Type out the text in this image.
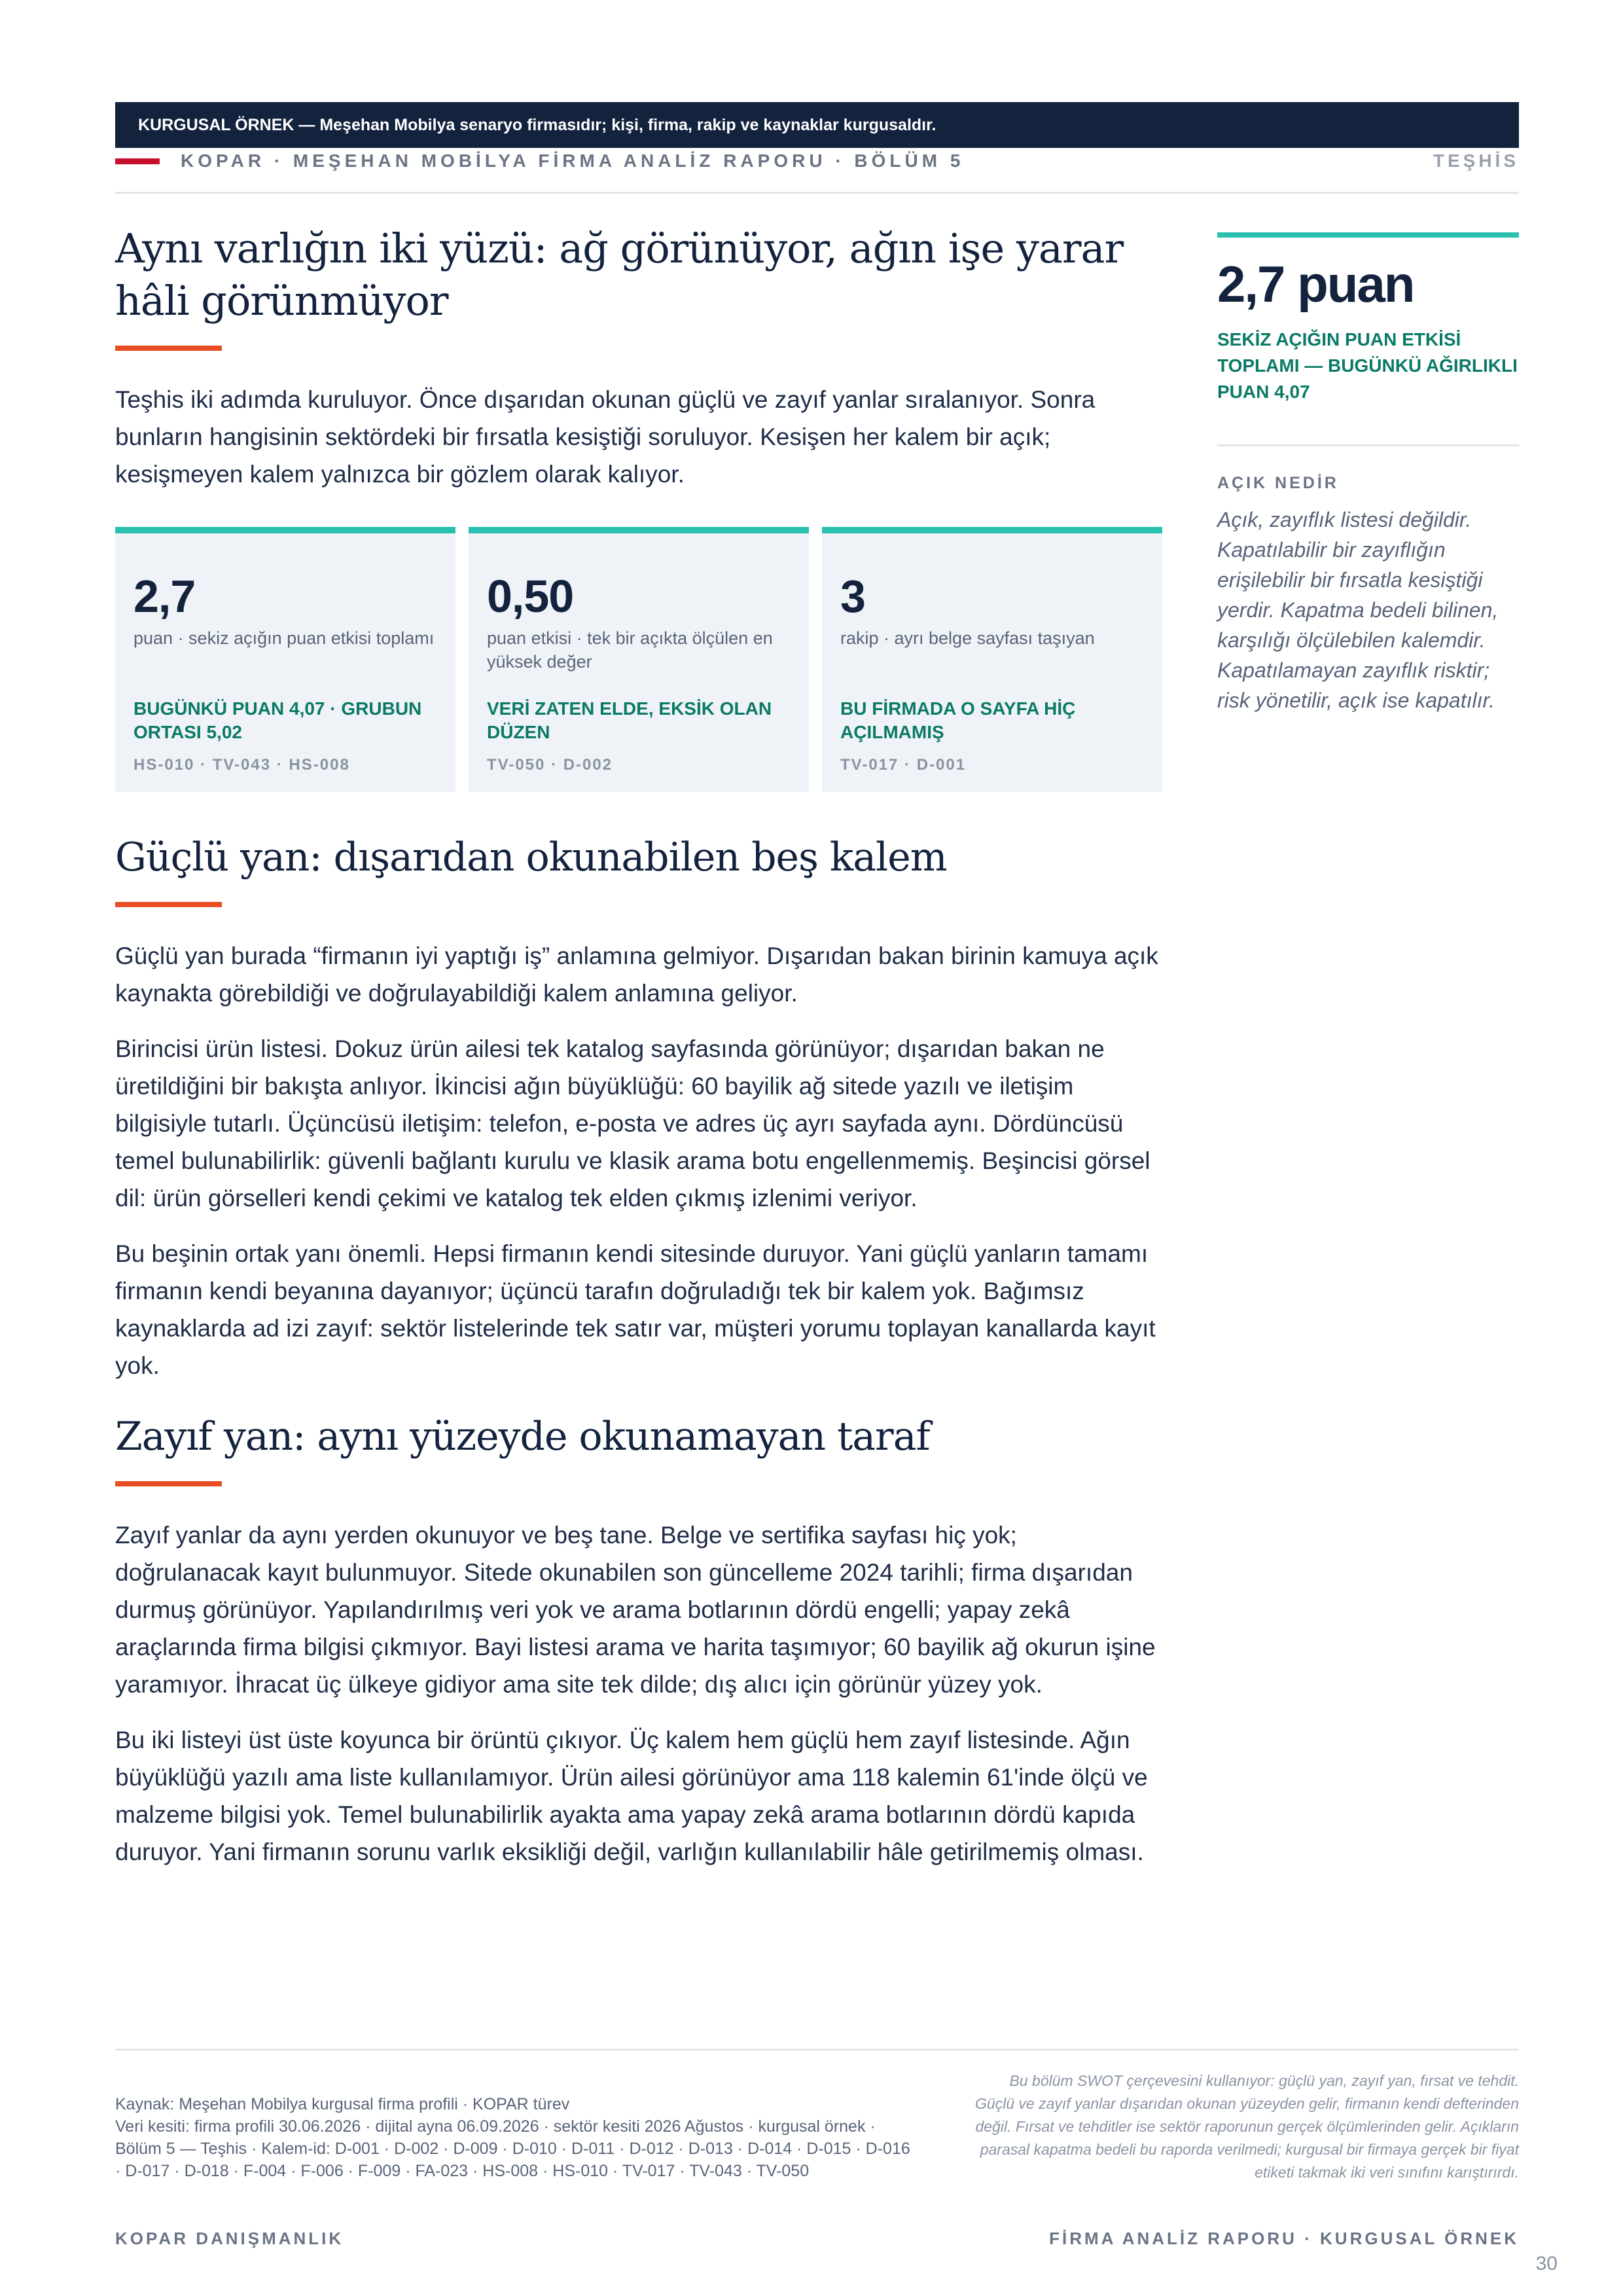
KURGUSAL ÖRNEK — Meşehan Mobilya senaryo firmasıdır; kişi, firma, rakip ve kaynaklar kurgusaldır.
KOPAR · MEŞEHAN MOBİLYA FİRMA ANALİZ RAPORU · BÖLÜM 5	TEŞHİS
Aynı varlığın iki yüzü: ağ görünüyor, ağın işe yarar hâli görünmüyor

Teşhis iki adımda kuruluyor. Önce dışarıdan okunan güçlü ve zayıf yanlar sıralanıyor. Sonra bunların hangisinin sektördeki bir fırsatla kesiştiği soruluyor. Kesişen her kalem bir açık; kesişmeyen kalem yalnızca bir gözlem olarak kalıyor.

2,7
puan · sekiz açığın puan etkisi toplamı
BUGÜNKÜ PUAN 4,07 · GRUBUN ORTASI 5,02
HS-010 · TV-043 · HS-008
0,50
puan etkisi · tek bir açıkta ölçülen en yüksek değer
VERİ ZATEN ELDE, EKSİK OLAN DÜZEN
TV-050 · D-002
3
rakip · ayrı belge sayfası taşıyan
BU FİRMADA O SAYFA HİÇ AÇILMAMIŞ
TV-017 · D-001
Güçlü yan: dışarıdan okunabilen beş kalem

Güçlü yan burada “firmanın iyi yaptığı iş” anlamına gelmiyor. Dışarıdan bakan birinin kamuya açık kaynakta görebildiği ve doğrulayabildiği kalem anlamına geliyor.

Birincisi ürün listesi. Dokuz ürün ailesi tek katalog sayfasında görünüyor; dışarıdan bakan ne üretildiğini bir bakışta anlıyor. İkincisi ağın büyüklüğü: 60 bayilik ağ sitede yazılı ve iletişim bilgisiyle tutarlı. Üçüncüsü iletişim: telefon, e-posta ve adres üç ayrı sayfada aynı. Dördüncüsü temel bulunabilirlik: güvenli bağlantı kurulu ve klasik arama botu engellenmemiş. Beşincisi görsel dil: ürün görselleri kendi çekimi ve katalog tek elden çıkmış izlenimi veriyor.

Bu beşinin ortak yanı önemli. Hepsi firmanın kendi sitesinde duruyor. Yani güçlü yanların tamamı firmanın kendi beyanına dayanıyor; üçüncü tarafın doğruladığı tek bir kalem yok. Bağımsız kaynaklarda ad izi zayıf: sektör listelerinde tek satır var, müşteri yorumu toplayan kanallarda kayıt yok.

Zayıf yan: aynı yüzeyde okunamayan taraf

Zayıf yanlar da aynı yerden okunuyor ve beş tane. Belge ve sertifika sayfası hiç yok; doğrulanacak kayıt bulunmuyor. Sitede okunabilen son güncelleme 2024 tarihli; firma dışarıdan durmuş görünüyor. Yapılandırılmış veri yok ve arama botlarının dördü engelli; yapay zekâ araçlarında firma bilgisi çıkmıyor. Bayi listesi arama ve harita taşımıyor; 60 bayilik ağ okurun işine yaramıyor. İhracat üç ülkeye gidiyor ama site tek dilde; dış alıcı için görünür yüzey yok.

Bu iki listeyi üst üste koyunca bir örüntü çıkıyor. Üç kalem hem güçlü hem zayıf listesinde. Ağın büyüklüğü yazılı ama liste kullanılamıyor. Ürün ailesi görünüyor ama 118 kalemin 61'inde ölçü ve malzeme bilgisi yok. Temel bulunabilirlik ayakta ama yapay zekâ arama botlarının dördü kapıda duruyor. Yani firmanın sorunu varlık eksikliği değil, varlığın kullanılabilir hâle getirilmemiş olması.

2,7 puan
SEKİZ AÇIĞIN PUAN ETKİSİ TOPLAMI — BUGÜNKÜ AĞIRLIKLI PUAN 4,07
AÇIK NEDİR
Açık, zayıflık listesi değildir. Kapatılabilir bir zayıflığın erişilebilir bir fırsatla kesiştiği yerdir. Kapatma bedeli bilinen, karşılığı ölçülebilen kalemdir. Kapatılamayan zayıflık risktir; risk yönetilir, açık ise kapatılır.
Kaynak: Meşehan Mobilya kurgusal firma profili · KOPAR türev
Veri kesiti: firma profili 30.06.2026 · dijital ayna 06.09.2026 · sektör kesiti 2026 Ağustos · kurgusal örnek · Bölüm 5 — Teşhis · Kalem-id: D-001 · D-002 · D-009 · D-010 · D-011 · D-012 · D-013 · D-014 · D-015 · D-016 · D-017 · D-018 · F-004 · F-006 · F-009 · FA-023 · HS-008 · HS-010 · TV-017 · TV-043 · TV-050
Bu bölüm SWOT çerçevesini kullanıyor: güçlü yan, zayıf yan, fırsat ve tehdit. Güçlü ve zayıf yanlar dışarıdan okunan yüzeyden gelir, firmanın kendi defterinden değil. Fırsat ve tehditler ise sektör raporunun gerçek ölçümlerinden gelir. Açıkların parasal kapatma bedeli bu raporda verilmedi; kurgusal bir firmaya gerçek bir fiyat etiketi takmak iki veri sınıfını karıştırırdı.
KOPAR DANIŞMANLIK	FİRMA ANALİZ RAPORU · KURGUSAL ÖRNEK
30
